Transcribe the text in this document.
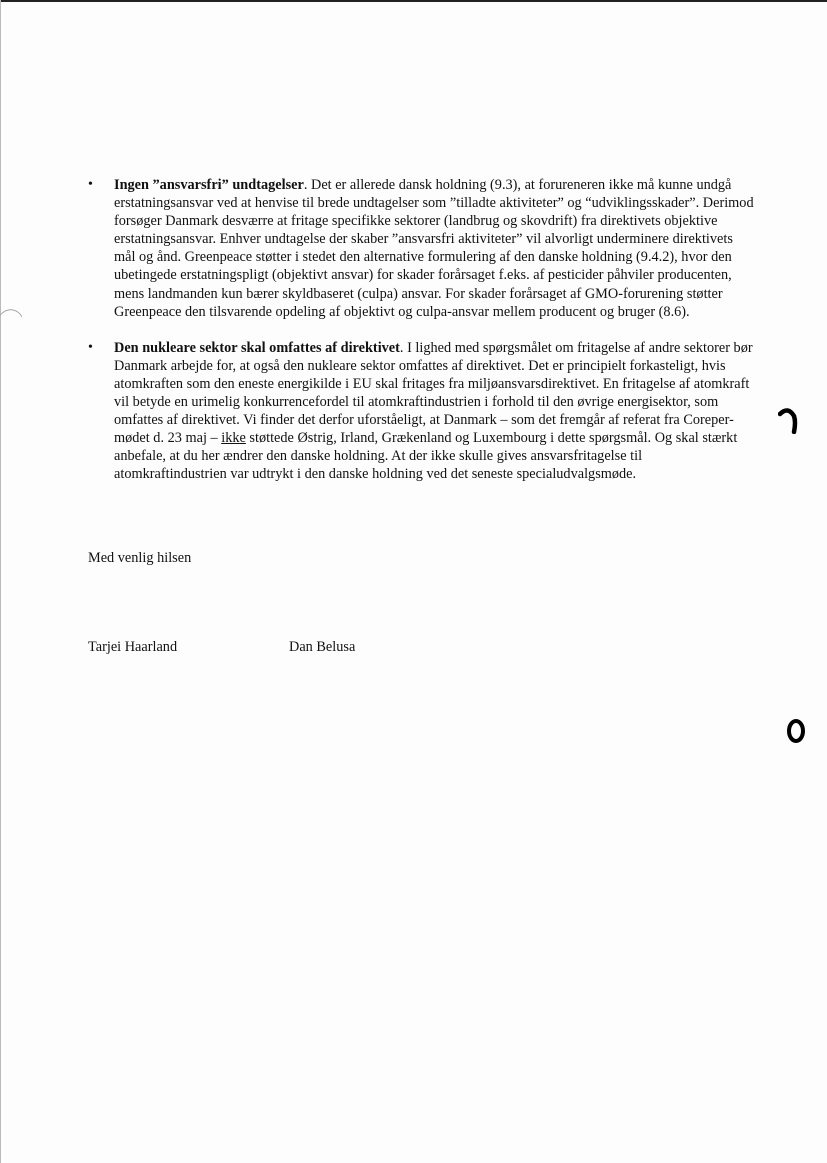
• Ingen ”ansvarsfri” undtagelser. Det er allerede dansk holdning (9.3), at forureneren ikke må kunne undgå erstatningsansvar ved at henvise til brede undtagelser som ”tilladte aktiviteter” og “udviklingsskader”. Derimod forsøger Danmark desværre at fritage specifikke sektorer (landbrug og skovdrift) fra direktivets objektive erstatningsansvar. Enhver undtagelse der skaber ”ansvarsfri aktiviteter” vil alvorligt underminere direktivets mål og ånd. Greenpeace støtter i stedet den alternative formulering af den danske holdning (9.4.2), hvor den ubetingede erstatningspligt (objektivt ansvar) for skader forårsaget f.eks. af pesticider påhviler producenten, mens landmanden kun bærer skyldbaseret (culpa) ansvar. For skader forårsaget af GMO-forurening støtter Greenpeace den tilsvarende opdeling af objektivt og culpa-ansvar mellem producent og bruger (8.6).
• Den nukleare sektor skal omfattes af direktivet. I lighed med spørgsmålet om fritagelse af andre sektorer bør Danmark arbejde for, at også den nukleare sektor omfattes af direktivet. Det er principielt forkasteligt, hvis atomkraften som den eneste energikilde i EU skal fritages fra miljøansvarsdirektivet. En fritagelse af atomkraft vil betyde en urimelig konkurrencefordel til atomkraftindustrien i forhold til den øvrige energisektor, som omfattes af direktivet. Vi finder det derfor uforståeligt, at Danmark – som det fremgår af referat fra Coreper-mødet d. 23 maj – ikke støttede Østrig, Irland, Grækenland og Luxembourg i dette spørgsmål. Og skal stærkt anbefale, at du her ændrer den danske holdning. At der ikke skulle gives ansvarsfritagelse til atomkraftindustrien var udtrykt i den danske holdning ved det seneste specialudvalgsmøde.

Med venlig hilsen

Tarjei Haarland	Dan Belusa
